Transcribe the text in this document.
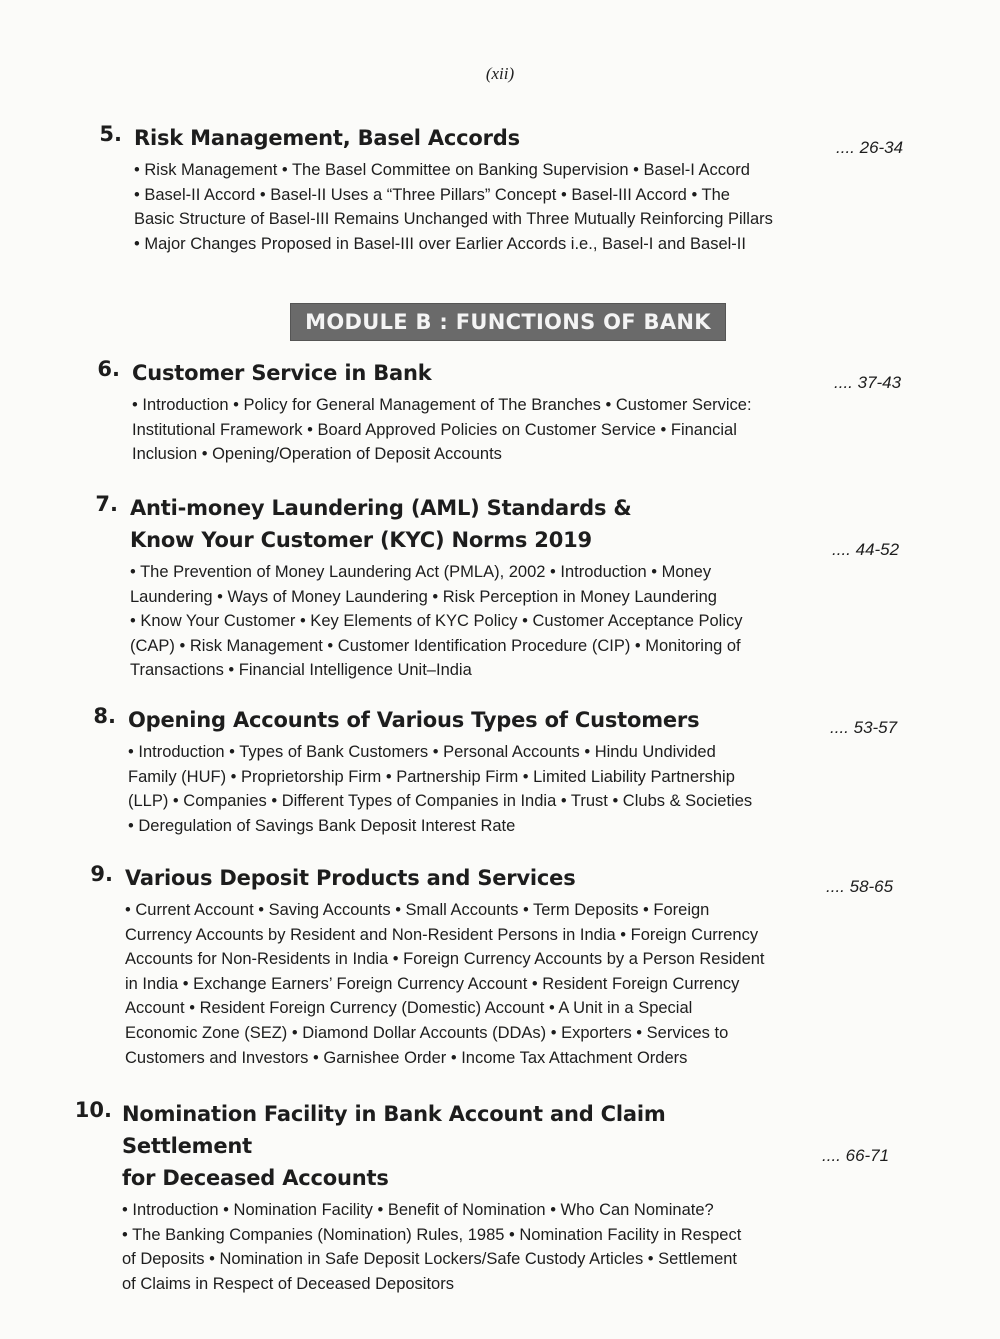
(xii)
5. Risk Management, Basel Accords
• Risk Management • The Basel Committee on Banking Supervision • Basel-I Accord
• Basel-II Accord • Basel-II Uses a “Three Pillars” Concept • Basel-III Accord • The
Basic Structure of Basel-III Remains Unchanged with Three Mutually Reinforcing Pillars
• Major Changes Proposed in Basel-III over Earlier Accords i.e., Basel-I and Basel-II
.... 26-34
MODULE B : FUNCTIONS OF BANK
6. Customer Service in Bank
• Introduction • Policy for General Management of The Branches • Customer Service:
Institutional Framework • Board Approved Policies on Customer Service • Financial
Inclusion • Opening/Operation of Deposit Accounts
.... 37-43
7. Anti-money Laundering (AML) Standards &
Know Your Customer (KYC) Norms 2019
• The Prevention of Money Laundering Act (PMLA), 2002 • Introduction • Money
Laundering • Ways of Money Laundering • Risk Perception in Money Laundering
• Know Your Customer • Key Elements of KYC Policy • Customer Acceptance Policy
(CAP) • Risk Management • Customer Identification Procedure (CIP) • Monitoring of
Transactions • Financial Intelligence Unit–India
.... 44-52
8. Opening Accounts of Various Types of Customers
• Introduction • Types of Bank Customers • Personal Accounts • Hindu Undivided
Family (HUF) • Proprietorship Firm • Partnership Firm • Limited Liability Partnership
(LLP) • Companies • Different Types of Companies in India • Trust • Clubs & Societies
• Deregulation of Savings Bank Deposit Interest Rate
.... 53-57
9. Various Deposit Products and Services
• Current Account • Saving Accounts • Small Accounts • Term Deposits • Foreign
Currency Accounts by Resident and Non-Resident Persons in India • Foreign Currency
Accounts for Non-Residents in India • Foreign Currency Accounts by a Person Resident
in India • Exchange Earners’ Foreign Currency Account • Resident Foreign Currency
Account • Resident Foreign Currency (Domestic) Account • A Unit in a Special
Economic Zone (SEZ) • Diamond Dollar Accounts (DDAs) • Exporters • Services to
Customers and Investors • Garnishee Order • Income Tax Attachment Orders
.... 58-65
10. Nomination Facility in Bank Account and Claim Settlement
for Deceased Accounts
• Introduction • Nomination Facility • Benefit of Nomination • Who Can Nominate?
• The Banking Companies (Nomination) Rules, 1985 • Nomination Facility in Respect
of Deposits • Nomination in Safe Deposit Lockers/Safe Custody Articles • Settlement
of Claims in Respect of Deceased Depositors
.... 66-71
